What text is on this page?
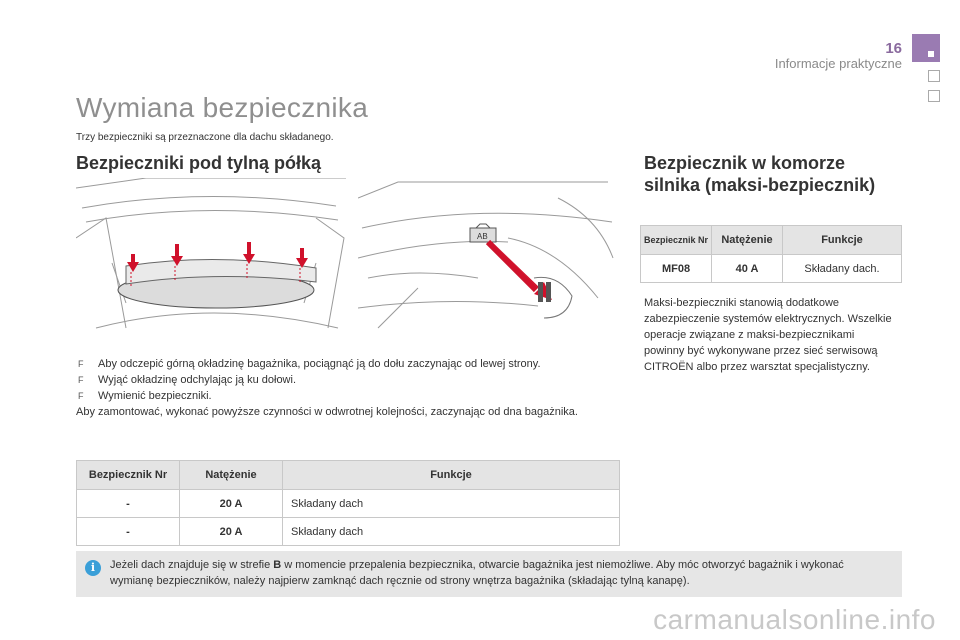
16
Informacje praktyczne
Wymiana bezpiecznika
Trzy bezpieczniki są przeznaczone dla dachu składanego.
Bezpieczniki pod tylną półką	Bezpiecznik w komorze
silnika (maksi-bezpiecznik)
AB
F Aby odczepić górną okładzinę bagażnika, pociągnąć ją do dołu zaczynając od lewej strony.
F Wyjąć okładzinę odchylając ją ku dołowi.
F Wymienić bezpieczniki.
Aby zamontować, wykonać powyższe czynności w odwrotnej kolejności, zaczynając od dna bagażnika.
Bezpiecznik Nr	Natężenie	Funkcje
-	20 A	Składany dach
-	20 A	Składany dach
Bezpiecznik Nr	Natężenie	Funkcje
MF08	40 A	Składany dach.
Maksi-bezpieczniki stanowią dodatkowe zabezpieczenie systemów elektrycznych. Wszelkie operacje związane z maksi-bezpiecznikami powinny być wykonywane przez sieć serwisową CITROËN albo przez warsztat specjalistyczny.
i	Jeżeli dach znajduje się w strefie B w momencie przepalenia bezpiecznika, otwarcie bagażnika jest niemożliwe. Aby móc otworzyć bagażnik i wykonać wymianę bezpieczników, należy najpierw zamknąć dach ręcznie od strony wnętrza bagażnika (składając tylną kanapę).
carmanualsonline.info
